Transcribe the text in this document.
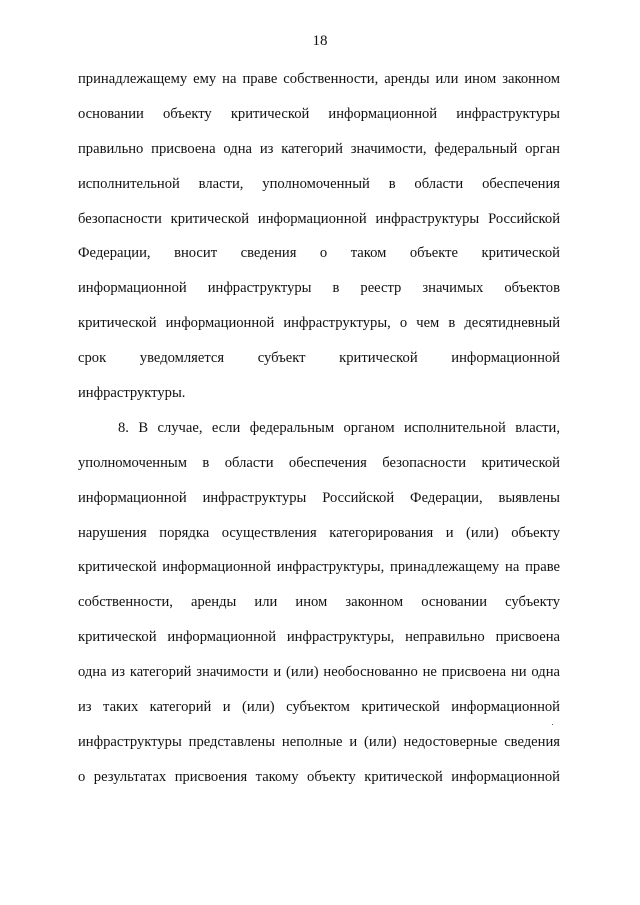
18
принадлежащему ему на праве собственности, аренды или ином законном
основании объекту критической информационной инфраструктуры
правильно присвоена одна из категорий значимости, федеральный орган
исполнительной власти, уполномоченный в области обеспечения
безопасности критической информационной инфраструктуры Российской
Федерации, вносит сведения о таком объекте критической
информационной инфраструктуры в реестр значимых объектов
критической информационной инфраструктуры, о чем в десятидневный
срок уведомляется субъект критической информационной
инфраструктуры.
8. В случае, если федеральным органом исполнительной власти,
уполномоченным в области обеспечения безопасности критической
информационной инфраструктуры Российской Федерации, выявлены
нарушения порядка осуществления категорирования и (или) объекту
критической информационной инфраструктуры, принадлежащему на праве
собственности, аренды или ином законном основании субъекту
критической информационной инфраструктуры, неправильно присвоена
одна из категорий значимости и (или) необоснованно не присвоена ни одна
из таких категорий и (или) субъектом критической информационной
инфраструктуры представлены неполные и (или) недостоверные сведения
о результатах присвоения такому объекту критической информационной
